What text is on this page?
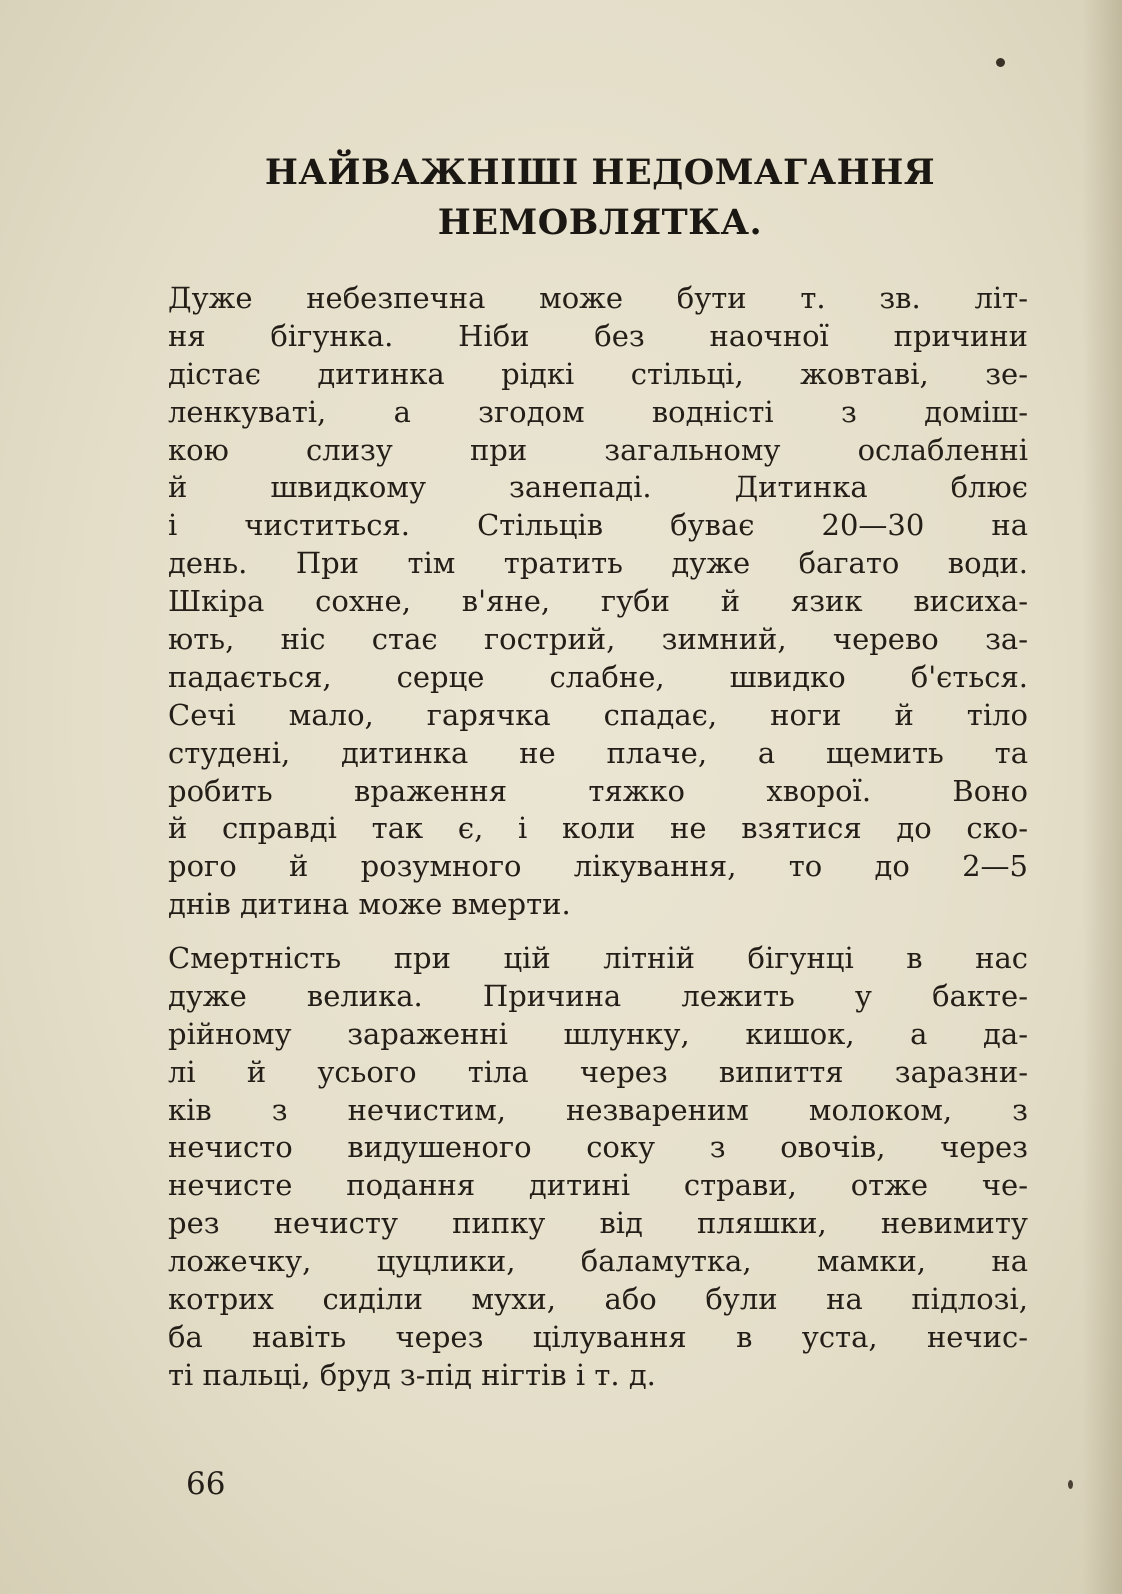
НАЙВАЖНІШІ НЕДОМАГАННЯ
НЕМОВЛЯТКА.
Дуже небезпечна може бути т. зв. літ-
ня бігунка. Ніби без наочної причини
дістає дитинка рідкі стільці, жовтаві, зе-
ленкуваті, а згодом водністі з доміш-
кою слизу при загальному ослабленні
й швидкому занепаді. Дитинка блює
і чиститься. Стільців буває 20—30 на
день. При тім тратить дуже багато води.
Шкіра сохне, в'яне, губи й язик висиха-
ють, ніс стає гострий, зимний, черево за-
падається, серце слабне, швидко б'ється.
Сечі мало, гарячка спадає, ноги й тіло
студені, дитинка не плаче, а щемить та
робить враження тяжко хворої. Воно
й справді так є, і коли не взятися до ско-
рого й розумного лікування, то до 2—5
днів дитина може вмерти.
Смертність при цій літній бігунці в нас
дуже велика. Причина лежить у бакте-
рійному зараженні шлунку, кишок, а да-
лі й усього тіла через випиття заразни-
ків з нечистим, незвареним молоком, з
нечисто видушеного соку з овочів, через
нечисте подання дитині страви, отже че-
рез нечисту пипку від пляшки, невимиту
ложечку, цуцлики, баламутка, мамки, на
котрих сиділи мухи, або були на підлозі,
ба навіть через цілування в уста, нечис-
ті пальці, бруд з-під нігтів і т. д.
66
